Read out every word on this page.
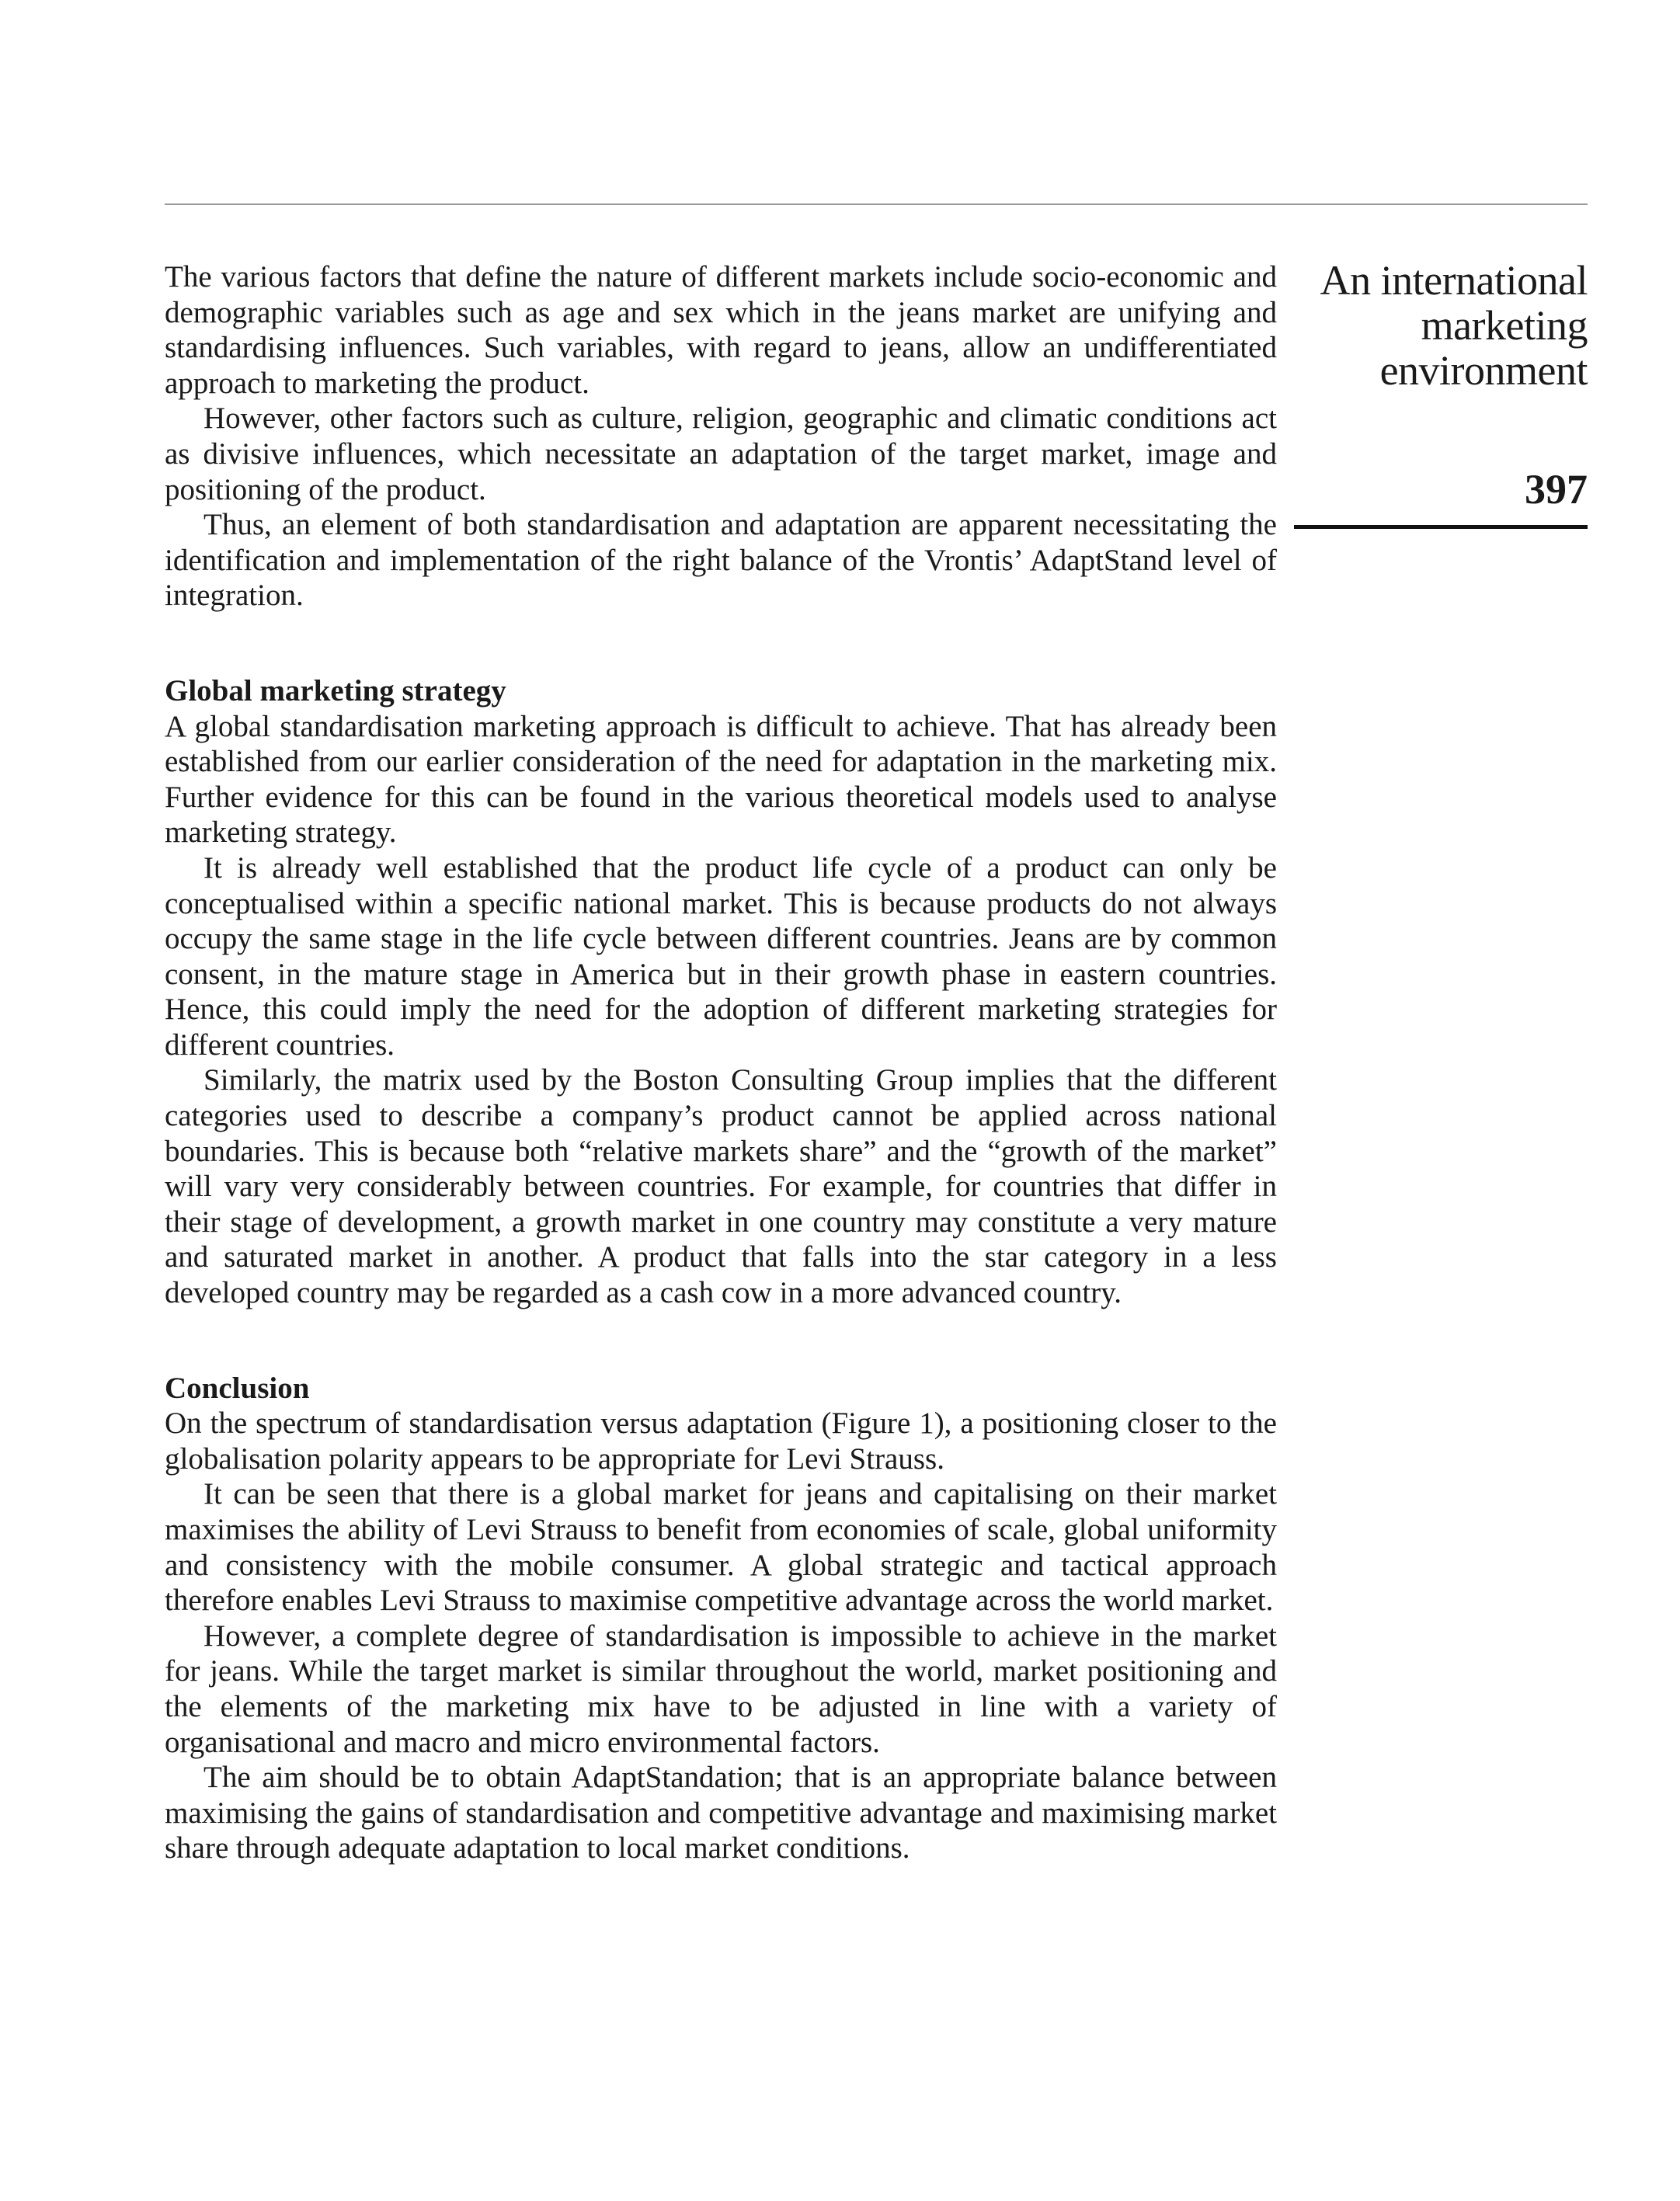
An international
marketing
environment
397

The various factors that define the nature of different markets include socio-economic and demographic variables such as age and sex which in the jeans market are unifying and standardising influences. Such variables, with regard to jeans, allow an undifferentiated approach to marketing the product.

However, other factors such as culture, religion, geographic and climatic conditions act as divisive influences, which necessitate an adaptation of the target market, image and positioning of the product.

Thus, an element of both standardisation and adaptation are apparent necessitating the identification and implementation of the right balance of the Vrontis’ AdaptStand level of integration.

Global marketing strategy

A global standardisation marketing approach is difficult to achieve. That has already been established from our earlier consideration of the need for adaptation in the marketing mix. Further evidence for this can be found in the various theoretical models used to analyse marketing strategy.

It is already well established that the product life cycle of a product can only be conceptualised within a specific national market. This is because products do not always occupy the same stage in the life cycle between different countries. Jeans are by common consent, in the mature stage in America but in their growth phase in eastern countries. Hence, this could imply the need for the adoption of different marketing strategies for different countries.

Similarly, the matrix used by the Boston Consulting Group implies that the different categories used to describe a company’s product cannot be applied across national boundaries. This is because both “relative markets share” and the “growth of the market” will vary very considerably between countries. For example, for countries that differ in their stage of development, a growth market in one country may constitute a very mature and saturated market in another. A product that falls into the star category in a less developed country may be regarded as a cash cow in a more advanced country.

Conclusion

On the spectrum of standardisation versus adaptation (Figure 1), a positioning closer to the globalisation polarity appears to be appropriate for Levi Strauss.

It can be seen that there is a global market for jeans and capitalising on their market maximises the ability of Levi Strauss to benefit from economies of scale, global uniformity and consistency with the mobile consumer. A global strategic and tactical approach therefore enables Levi Strauss to maximise competitive advantage across the world market.

However, a complete degree of standardisation is impossible to achieve in the market for jeans. While the target market is similar throughout the world, market positioning and the elements of the marketing mix have to be adjusted in line with a variety of organisational and macro and micro environmental factors.

The aim should be to obtain AdaptStandation; that is an appropriate balance between maximising the gains of standardisation and competitive advantage and maximising market share through adequate adaptation to local market conditions.
